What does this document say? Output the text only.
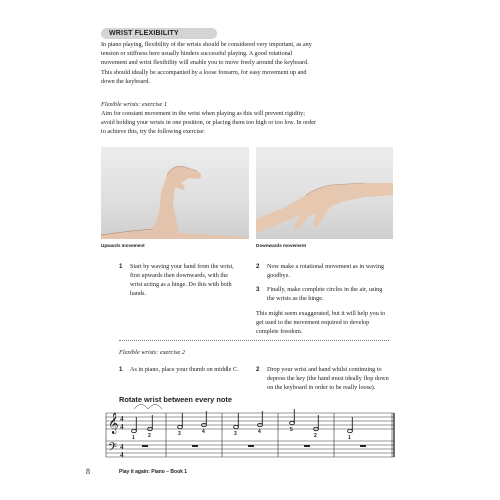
WRIST FLEXIBILITY

In piano playing, flexibility of the wrists should be considered very important, as any tension or stiffness here usually hinders successful playing. A good rotational movement and wrist flexibility will enable you to move freely around the keyboard. This should ideally be accompanied by a loose forearm, for easy movement up and down the keyboard.

Flexible wrists: exercise 1

Aim for constant movement in the wrist when playing as this will prevent rigidity; avoid holding your wrists in one position, or placing them too high or too low. In order to achieve this, try the following exercise:

Upwards movement	Downwards movement
1	Start by waving your hand from the wrist, first upwards then downwards, with the wrist acting as a hinge. Do this with both hands.
2	Now make a rotational movement as in waving goodbye.
3	Finally, make complete circles in the air, using the wrists as the hinge.

This might seem exaggerated, but it will help you to get used to the movement required to develop complete freedom.

Flexible wrists: exercise 2

1	As in piano, place your thumb on middle C.	2	Drop your wrist and hand whilst continuing to depress the key (the hand must ideally flop down on the keyboard in order to be really loose).
Rotate wrist between every note
𝄞
𝄢
4
4
4
4
1	2	3	4	3	4	5
2	1
8	Play it again: Piano – Book 1
